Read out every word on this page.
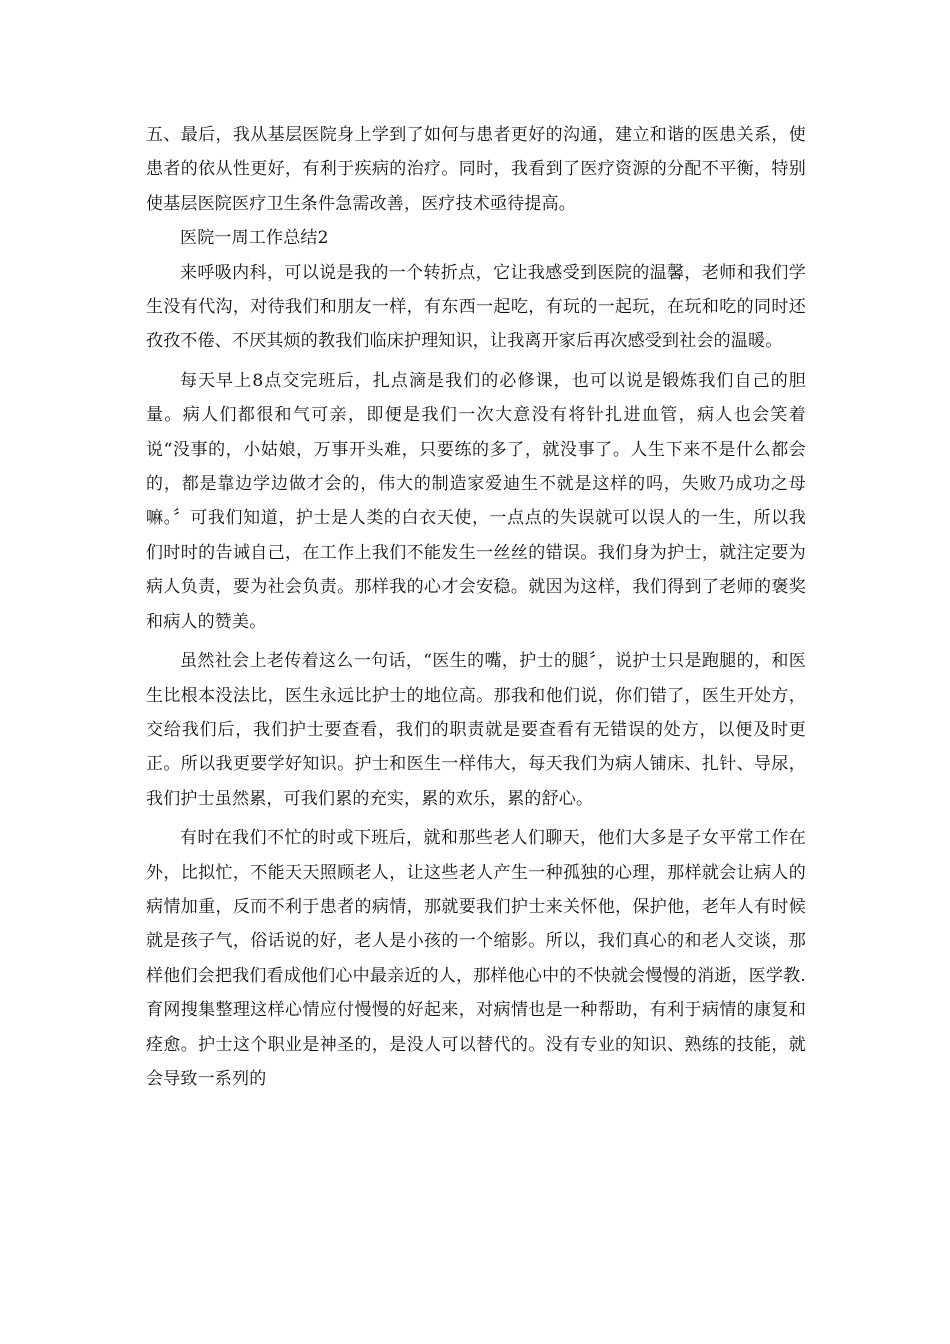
五、最后，我从基层医院身上学到了如何与患者更好的沟通，建立和谐的医患关系，使患者的依从性更好，有利于疾病的治疗。同时，我看到了医疗资源的分配不平衡，特别使基层医院医疗卫生条件急需改善，医疗技术亟待提高。

医院一周工作总结2

来呼吸内科，可以说是我的一个转折点，它让我感受到医院的温馨，老师和我们学生没有代沟，对待我们和朋友一样，有东西一起吃，有玩的一起玩，在玩和吃的同时还孜孜不倦、不厌其烦的教我们临床护理知识，让我离开家后再次感受到社会的温暖。

每天早上8点交完班后，扎点滴是我们的必修课，也可以说是锻炼我们自己的胆量。病人们都很和气可亲，即便是我们一次大意没有将针扎进血管，病人也会笑着说“没事的，小姑娘，万事开头难，只要练的多了，就没事了。人生下来不是什么都会的，都是靠边学边做才会的，伟大的制造家爱迪生不就是这样的吗，失败乃成功之母嘛。〞可我们知道，护士是人类的白衣天使，一点点的失误就可以误人的一生，所以我们时时的告诫自己，在工作上我们不能发生一丝丝的错误。我们身为护士，就注定要为病人负责，要为社会负责。那样我的心才会安稳。就因为这样，我们得到了老师的褒奖和病人的赞美。

虽然社会上老传着这么一句话，“医生的嘴，护士的腿〞，说护士只是跑腿的，和医生比根本没法比，医生永远比护士的地位高。那我和他们说，你们错了，医生开处方，交给我们后，我们护士要查看，我们的职责就是要查看有无错误的处方，以便及时更正。所以我更要学好知识。护士和医生一样伟大，每天我们为病人铺床、扎针、导尿，我们护士虽然累，可我们累的充实，累的欢乐，累的舒心。

有时在我们不忙的时或下班后，就和那些老人们聊天，他们大多是子女平常工作在外，比拟忙，不能天天照顾老人，让这些老人产生一种孤独的心理，那样就会让病人的病情加重，反而不利于患者的病情，那就要我们护士来关怀他，保护他，老年人有时候就是孩子气，俗话说的好，老人是小孩的一个缩影。所以，我们真心的和老人交谈，那样他们会把我们看成他们心中最亲近的人，那样他心中的不快就会慢慢的消逝，医学教.育网搜集整理这样心情应付慢慢的好起来，对病情也是一种帮助，有利于病情的康复和痊愈。护士这个职业是神圣的，是没人可以替代的。没有专业的知识、熟练的技能，就会导致一系列的
